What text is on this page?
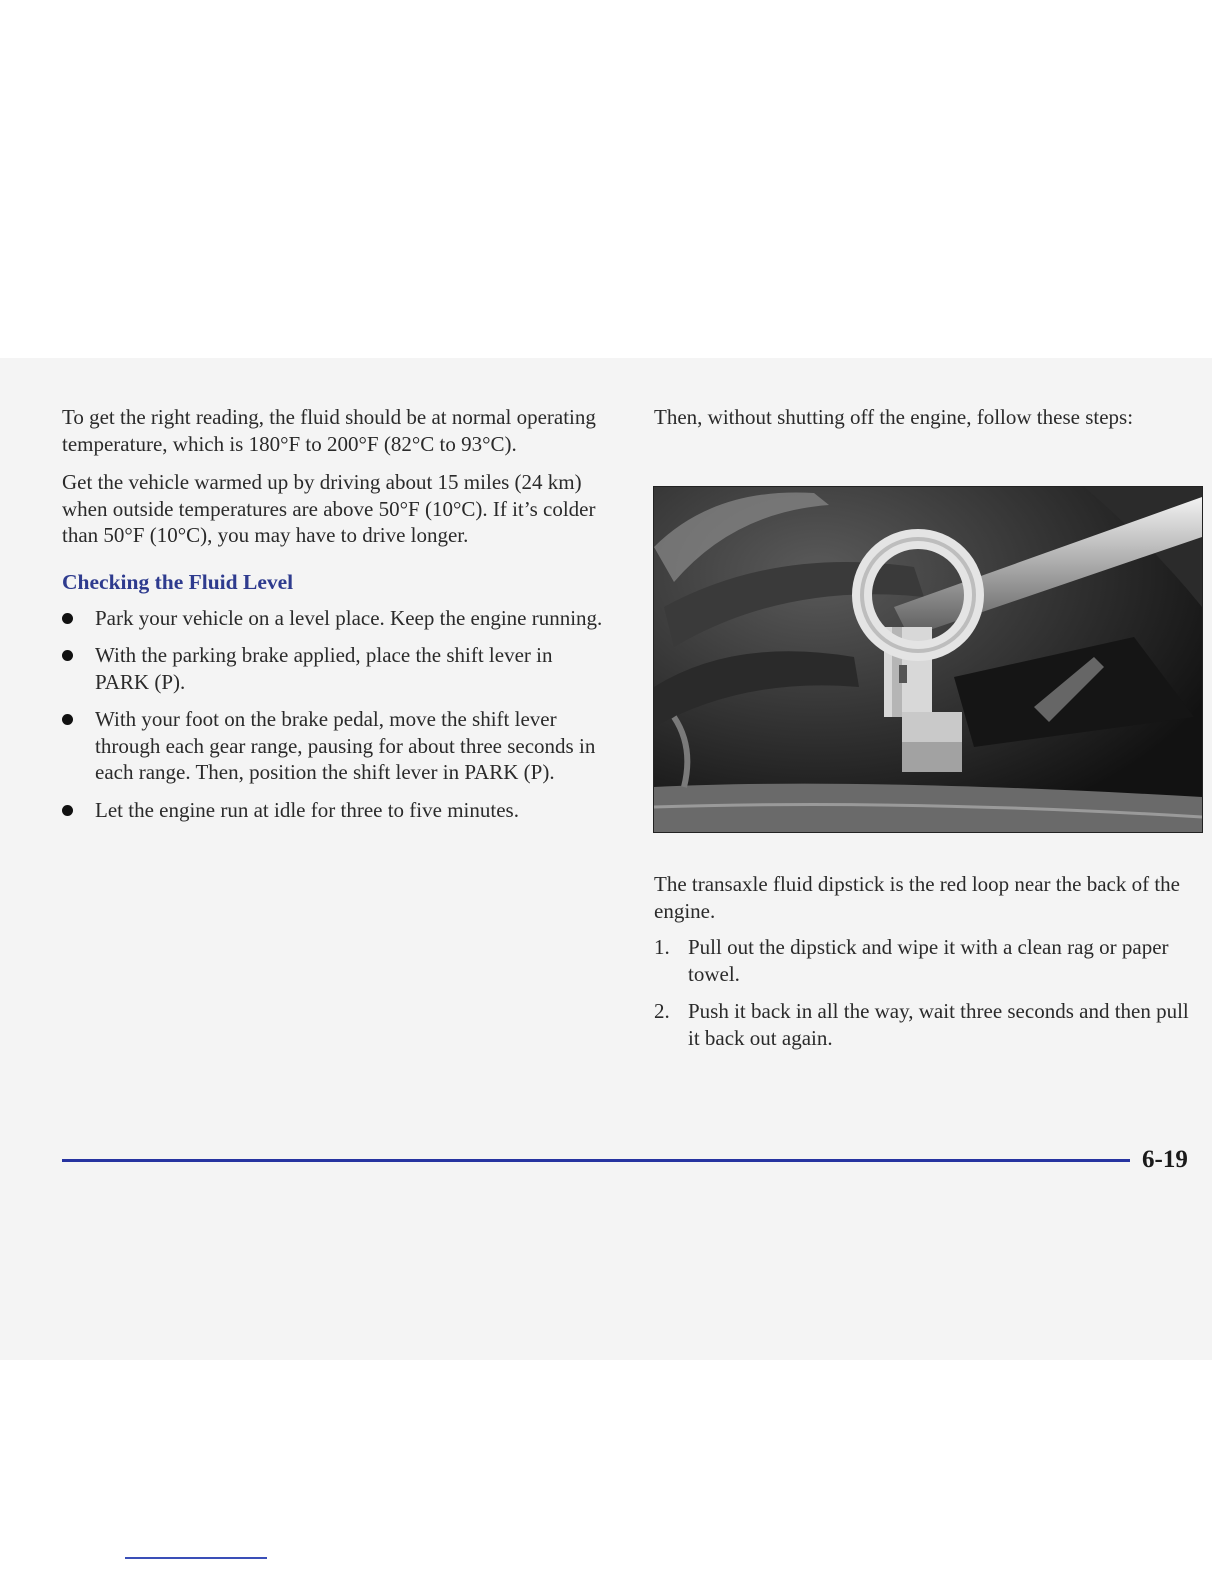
To get the right reading, the fluid should be at normal operating temperature, which is 180°F to 200°F (82°C to 93°C).

Get the vehicle warmed up by driving about 15 miles (24 km) when outside temperatures are above 50°F (10°C). If it’s colder than 50°F (10°C), you may have to drive longer.

Checking the Fluid Level
Park your vehicle on a level place. Keep the engine running.
With the parking brake applied, place the shift lever in PARK (P).
With your foot on the brake pedal, move the shift lever through each gear range, pausing for about three seconds in each range. Then, position the shift lever in PARK (P).
Let the engine run at idle for three to five minutes.

Then, without shutting off the engine, follow these steps:

The transaxle fluid dipstick is the red loop near the back of the engine.

1. Pull out the dipstick and wipe it with a clean rag or paper towel.
2. Push it back in all the way, wait three seconds and then pull it back out again.
6-19
